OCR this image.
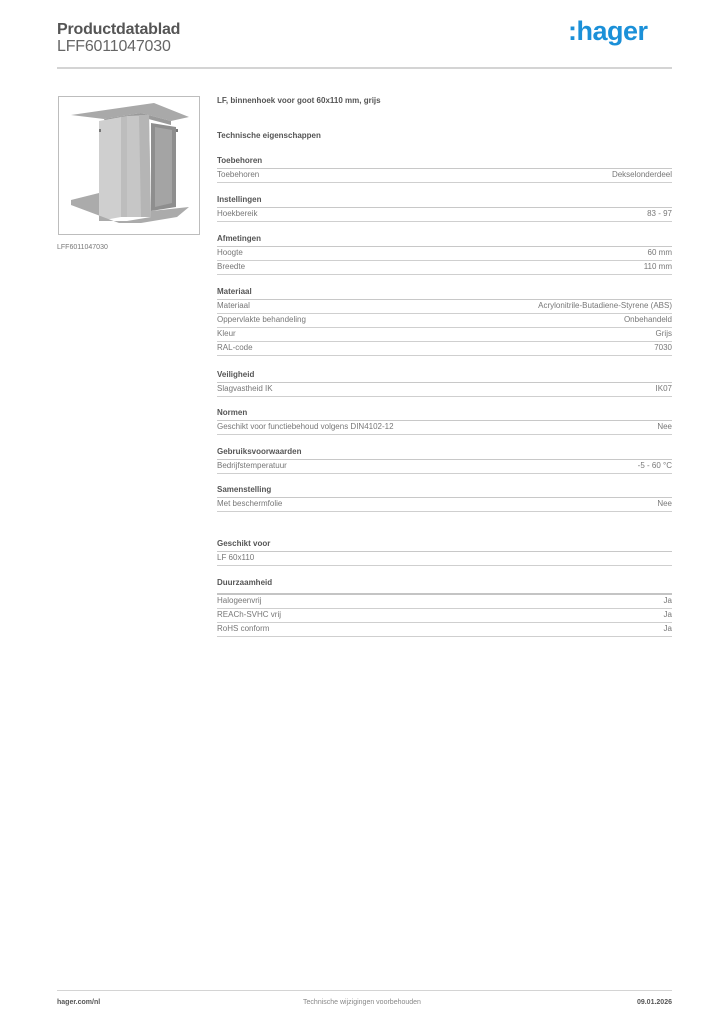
Productdatablad
LFF6011047030
:hager
LFF6011047030
LF, binnenhoek voor goot 60x110 mm, grijs
Technische eigenschappen
Toebehoren
Toebehoren	Dekselonderdeel
Instellingen
Hoekbereik	83 - 97
Afmetingen
Hoogte	60 mm
Breedte	110 mm
Materiaal
Materiaal	Acrylonitrile-Butadiene-Styrene (ABS)
Oppervlakte behandeling	Onbehandeld
Kleur	Grijs
RAL-code	7030
Veiligheid
Slagvastheid IK	IK07
Normen
Geschikt voor functiebehoud volgens DIN4102-12	Nee
Gebruiksvoorwaarden
Bedrijfstemperatuur	-5 - 60 °C
Samenstelling
Met beschermfolie	Nee
Geschikt voor
LF 60x110
Duurzaamheid
Halogeenvrij	Ja
REACh-SVHC vrij	Ja
RoHS conform	Ja
hager.com/nl	Technische wijzigingen voorbehouden	09.01.2026
